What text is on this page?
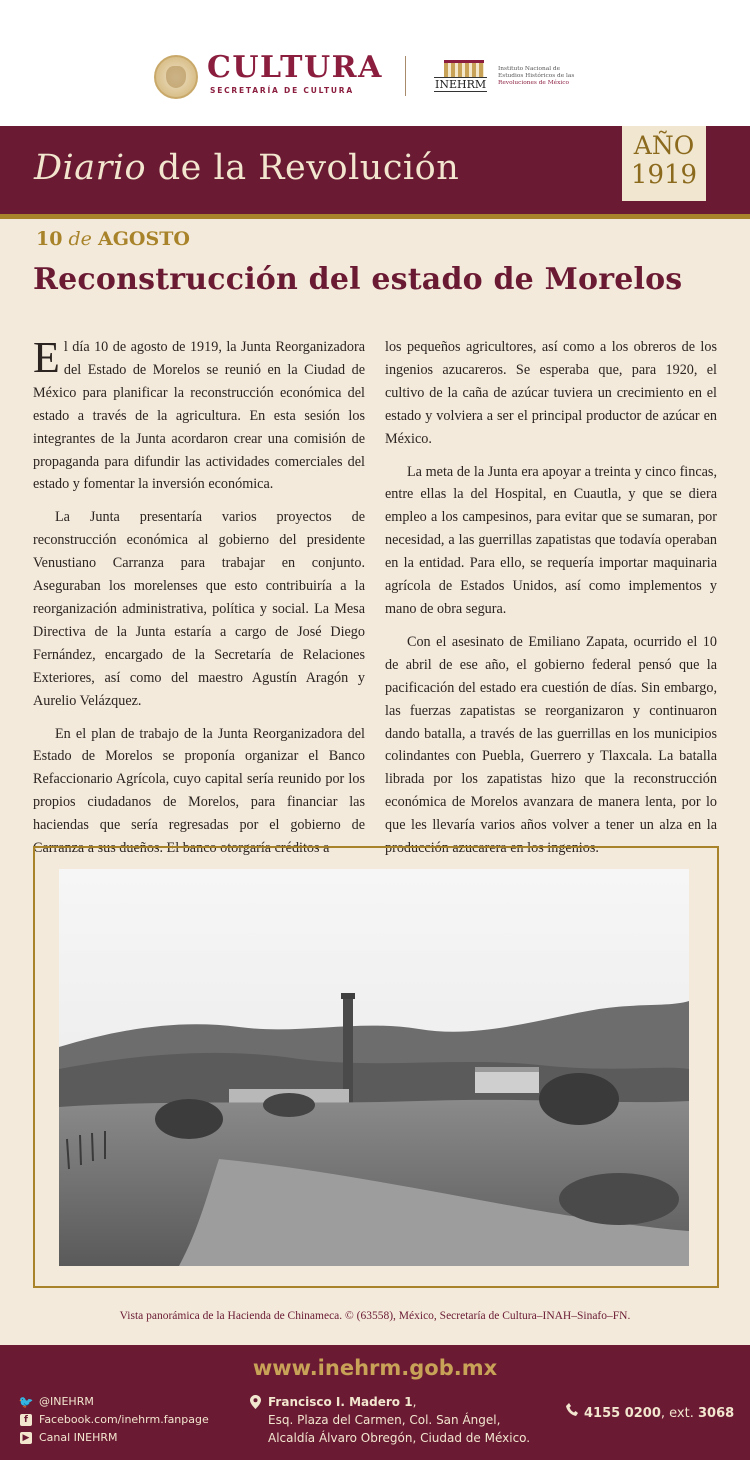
CULTURA
SECRETARÍA DE CULTURA	INEHRM
Instituto Nacional de
Estudios Históricos de las
Revoluciones de México
Diario de la Revolución
AÑO
1919
10 de AGOSTO
Reconstrucción del estado de Morelos

El día 10 de agosto de 1919, la Junta Reorganizadora del Estado de Morelos se reunió en la Ciudad de México para planificar la reconstrucción económica del estado a través de la agricultura. En esta sesión los integrantes de la Junta acordaron crear una comisión de propaganda para difundir las actividades comerciales del estado y fomentar la inversión económica.

La Junta presentaría varios proyectos de reconstrucción económica al gobierno del presidente Venustiano Carranza para trabajar en conjunto. Aseguraban los morelenses que esto contribuiría a la reorganización administrativa, política y social. La Mesa Directiva de la Junta estaría a cargo de José Diego Fernández, encargado de la Secretaría de Relaciones Exteriores, así como del maestro Agustín Aragón y Aurelio Velázquez.

En el plan de trabajo de la Junta Reorganizadora del Estado de Morelos se proponía organizar el Banco Refaccionario Agrícola, cuyo capital sería reunido por los propios ciudadanos de Morelos, para financiar las haciendas que sería regresadas por el gobierno de Carranza a sus dueños. El banco otorgaría créditos a

los pequeños agricultores, así como a los obreros de los ingenios azucareros. Se esperaba que, para 1920, el cultivo de la caña de azúcar tuviera un crecimiento en el estado y volviera a ser el principal productor de azúcar en México.

La meta de la Junta era apoyar a treinta y cinco fincas, entre ellas la del Hospital, en Cuautla, y que se diera empleo a los campesinos, para evitar que se sumaran, por necesidad, a las guerrillas zapatistas que todavía operaban en la entidad. Para ello, se requería importar maquinaria agrícola de Estados Unidos, así como implementos y mano de obra segura.

Con el asesinato de Emiliano Zapata, ocurrido el 10 de abril de ese año, el gobierno federal pensó que la pacificación del estado era cuestión de días. Sin embargo, las fuerzas zapatistas se reorganizaron y continuaron dando batalla, a través de las guerrillas en los municipios colindantes con Puebla, Guerrero y Tlaxcala. La batalla librada por los zapatistas hizo que la reconstrucción económica de Morelos avanzara de manera lenta, por lo que les llevaría varios años volver a tener un alza en la producción azucarera en los ingenios.

Vista panorámica de la Hacienda de Chinameca. © (63558), México, Secretaría de Cultura–INAH–Sinafo–FN.
www.inehrm.gob.mx
🐦 @INEHRM
f	Facebook.com/inehrm.fanpage
▶ Canal INEHRM
Francisco I. Madero 1,
Esq. Plaza del Carmen, Col. San Ángel,
Alcaldía Álvaro Obregón, Ciudad de México.
4155 0200, ext. 3068
